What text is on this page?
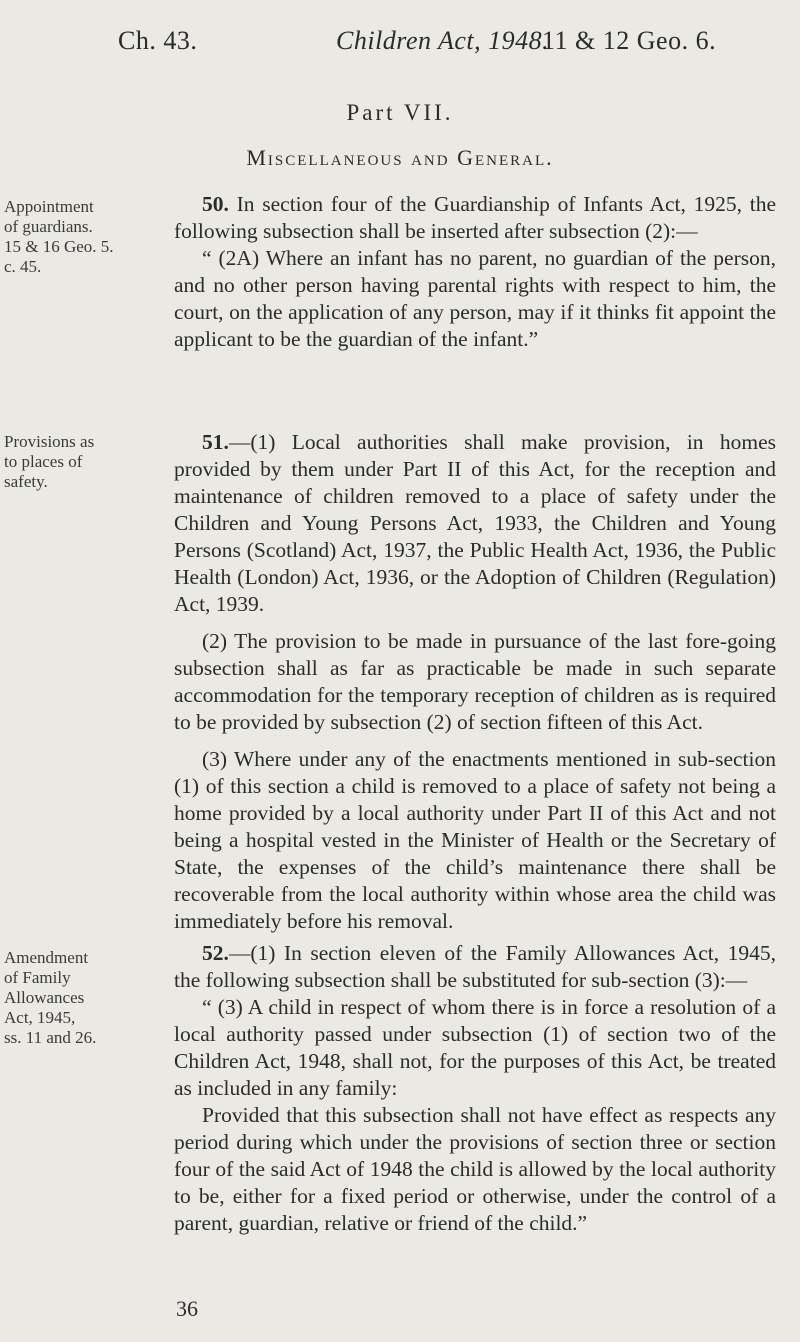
Ch. 43.	Children Act, 1948.
11 & 12 Geo. 6.
Part VII.
Miscellaneous and General.
Appointment
of guardians.
15 & 16 Geo. 5.
c. 45.
Provisions as
to places of
safety.
Amendment
of Family
Allowances
Act, 1945,
ss. 11 and 26.

50. In section four of the Guardianship of Infants Act, 1925, the following subsection shall be inserted after subsection (2):—

“ (2A) Where an infant has no parent, no guardian of the person, and no other person having parental rights with respect to him, the court, on the application of any person, may if it thinks fit appoint the applicant to be the guardian of the infant.”

51.—(1) Local authorities shall make provision, in homes provided by them under Part II of this Act, for the reception and maintenance of children removed to a place of safety under the Children and Young Persons Act, 1933, the Children and Young Persons (Scotland) Act, 1937, the Public Health Act, 1936, the Public Health (London) Act, 1936, or the Adoption of Children (Regulation) Act, 1939.

(2) The provision to be made in pursuance of the last fore-going subsection shall as far as practicable be made in such separate accommodation for the temporary reception of children as is required to be provided by subsection (2) of section fifteen of this Act.

(3) Where under any of the enactments mentioned in sub-section (1) of this section a child is removed to a place of safety not being a home provided by a local authority under Part II of this Act and not being a hospital vested in the Minister of Health or the Secretary of State, the expenses of the child’s maintenance there shall be recoverable from the local authority within whose area the child was immediately before his removal.

52.—(1) In section eleven of the Family Allowances Act, 1945, the following subsection shall be substituted for sub-section (3):—

“ (3) A child in respect of whom there is in force a resolution of a local authority passed under subsection (1) of section two of the Children Act, 1948, shall not, for the purposes of this Act, be treated as included in any family:

Provided that this subsection shall not have effect as respects any period during which under the provisions of section three or section four of the said Act of 1948 the child is allowed by the local authority to be, either for a fixed period or otherwise, under the control of a parent, guardian, relative or friend of the child.”

36
